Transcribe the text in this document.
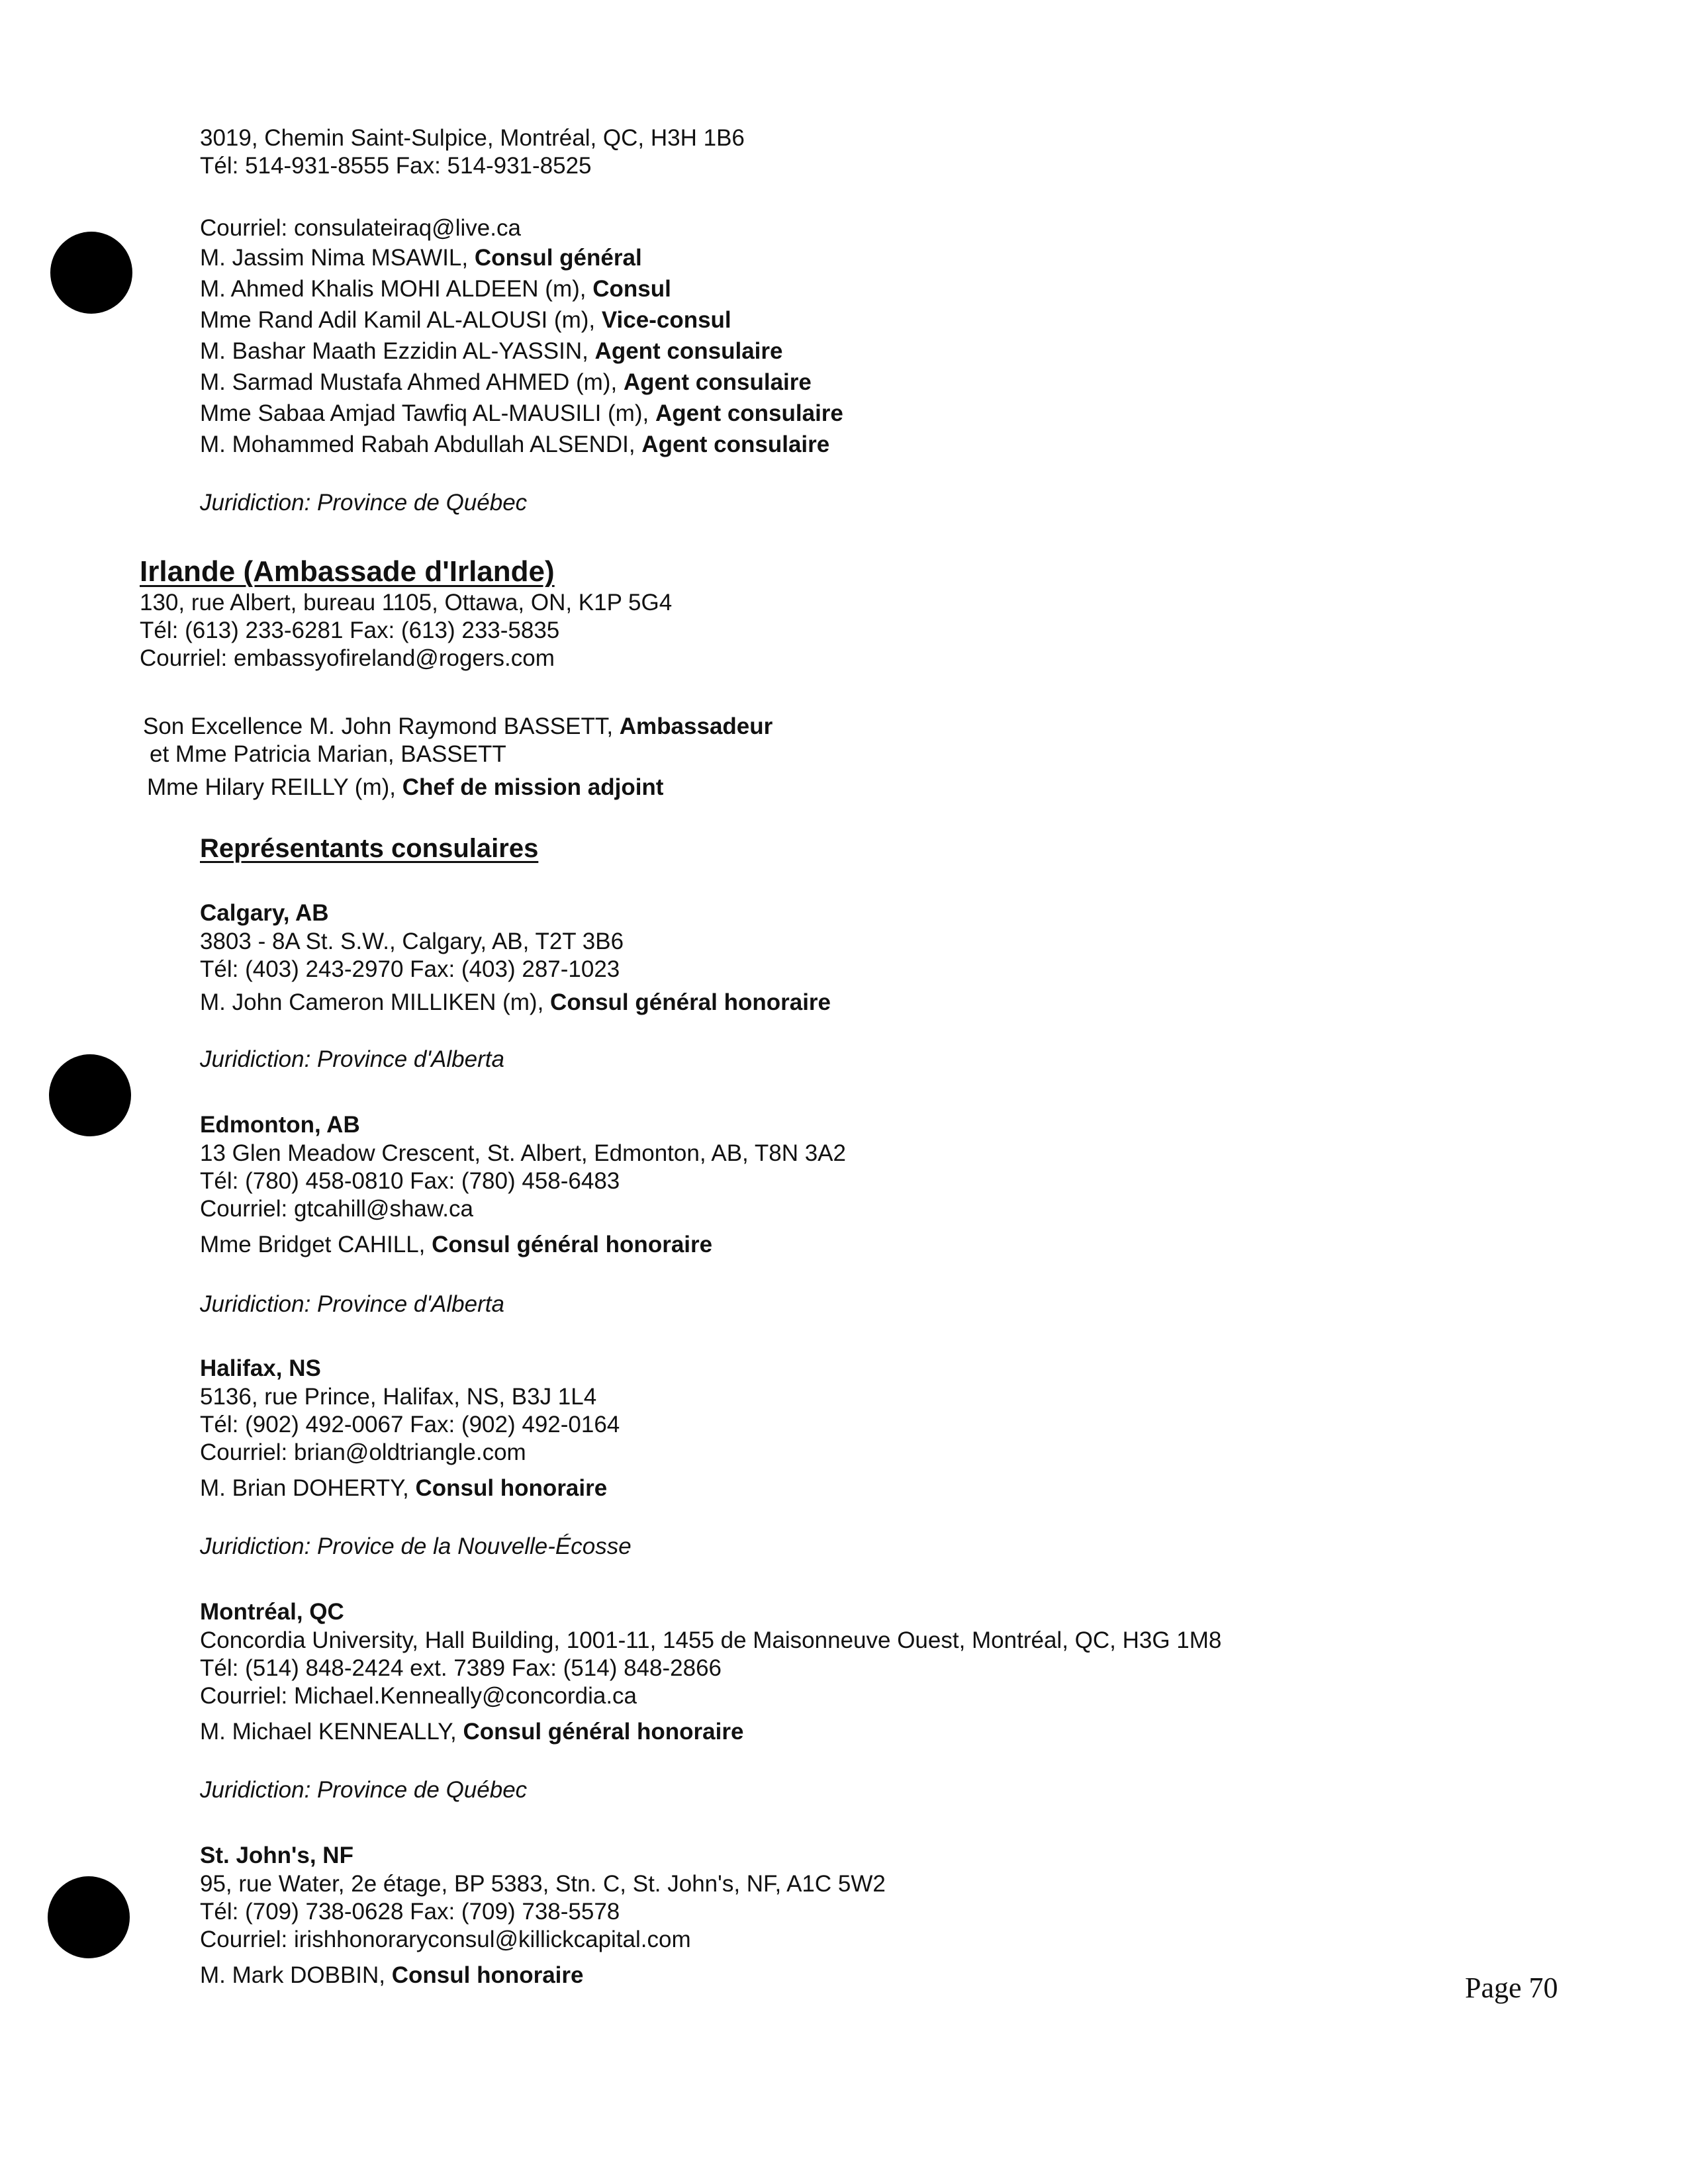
3019, Chemin Saint-Sulpice, Montréal, QC, H3H 1B6
Tél: 514-931-8555 Fax: 514-931-8525
Courriel: consulateiraq@live.ca
M. Jassim Nima MSAWIL, Consul général
M. Ahmed Khalis MOHI ALDEEN (m), Consul
Mme Rand Adil Kamil AL-ALOUSI (m), Vice-consul
M. Bashar Maath Ezzidin AL-YASSIN, Agent consulaire
M. Sarmad Mustafa Ahmed AHMED (m), Agent consulaire
Mme Sabaa Amjad Tawfiq AL-MAUSILI (m), Agent consulaire
M. Mohammed Rabah Abdullah ALSENDI, Agent consulaire
Juridiction: Province de Québec
Irlande (Ambassade d'Irlande)
130, rue Albert, bureau 1105, Ottawa, ON, K1P 5G4
Tél: (613) 233-6281 Fax: (613) 233-5835
Courriel: embassyofireland@rogers.com
Son Excellence M. John Raymond BASSETT, Ambassadeur
et Mme Patricia Marian, BASSETT
Mme Hilary REILLY (m), Chef de mission adjoint
Représentants consulaires
Calgary, AB
3803 - 8A St. S.W., Calgary, AB, T2T 3B6
Tél: (403) 243-2970 Fax: (403) 287-1023
M. John Cameron MILLIKEN (m), Consul général honoraire
Juridiction: Province d'Alberta
Edmonton, AB
13 Glen Meadow Crescent, St. Albert, Edmonton, AB, T8N 3A2
Tél: (780) 458-0810 Fax: (780) 458-6483
Courriel: gtcahill@shaw.ca
Mme Bridget CAHILL, Consul général honoraire
Juridiction: Province d'Alberta
Halifax, NS
5136, rue Prince, Halifax, NS, B3J 1L4
Tél: (902) 492-0067 Fax: (902) 492-0164
Courriel: brian@oldtriangle.com
M. Brian DOHERTY, Consul honoraire
Juridiction: Provice de la Nouvelle-Écosse
Montréal, QC
Concordia University, Hall Building, 1001-11, 1455 de Maisonneuve Ouest, Montréal, QC, H3G 1M8
Tél: (514) 848-2424 ext. 7389 Fax: (514) 848-2866
Courriel: Michael.Kenneally@concordia.ca
M. Michael KENNEALLY, Consul général honoraire
Juridiction: Province de Québec
St. John's, NF
95, rue Water, 2e étage, BP 5383, Stn. C, St. John's, NF, A1C 5W2
Tél: (709) 738-0628 Fax: (709) 738-5578
Courriel: irishhonoraryconsul@killickcapital.com
M. Mark DOBBIN, Consul honoraire	Page 70
